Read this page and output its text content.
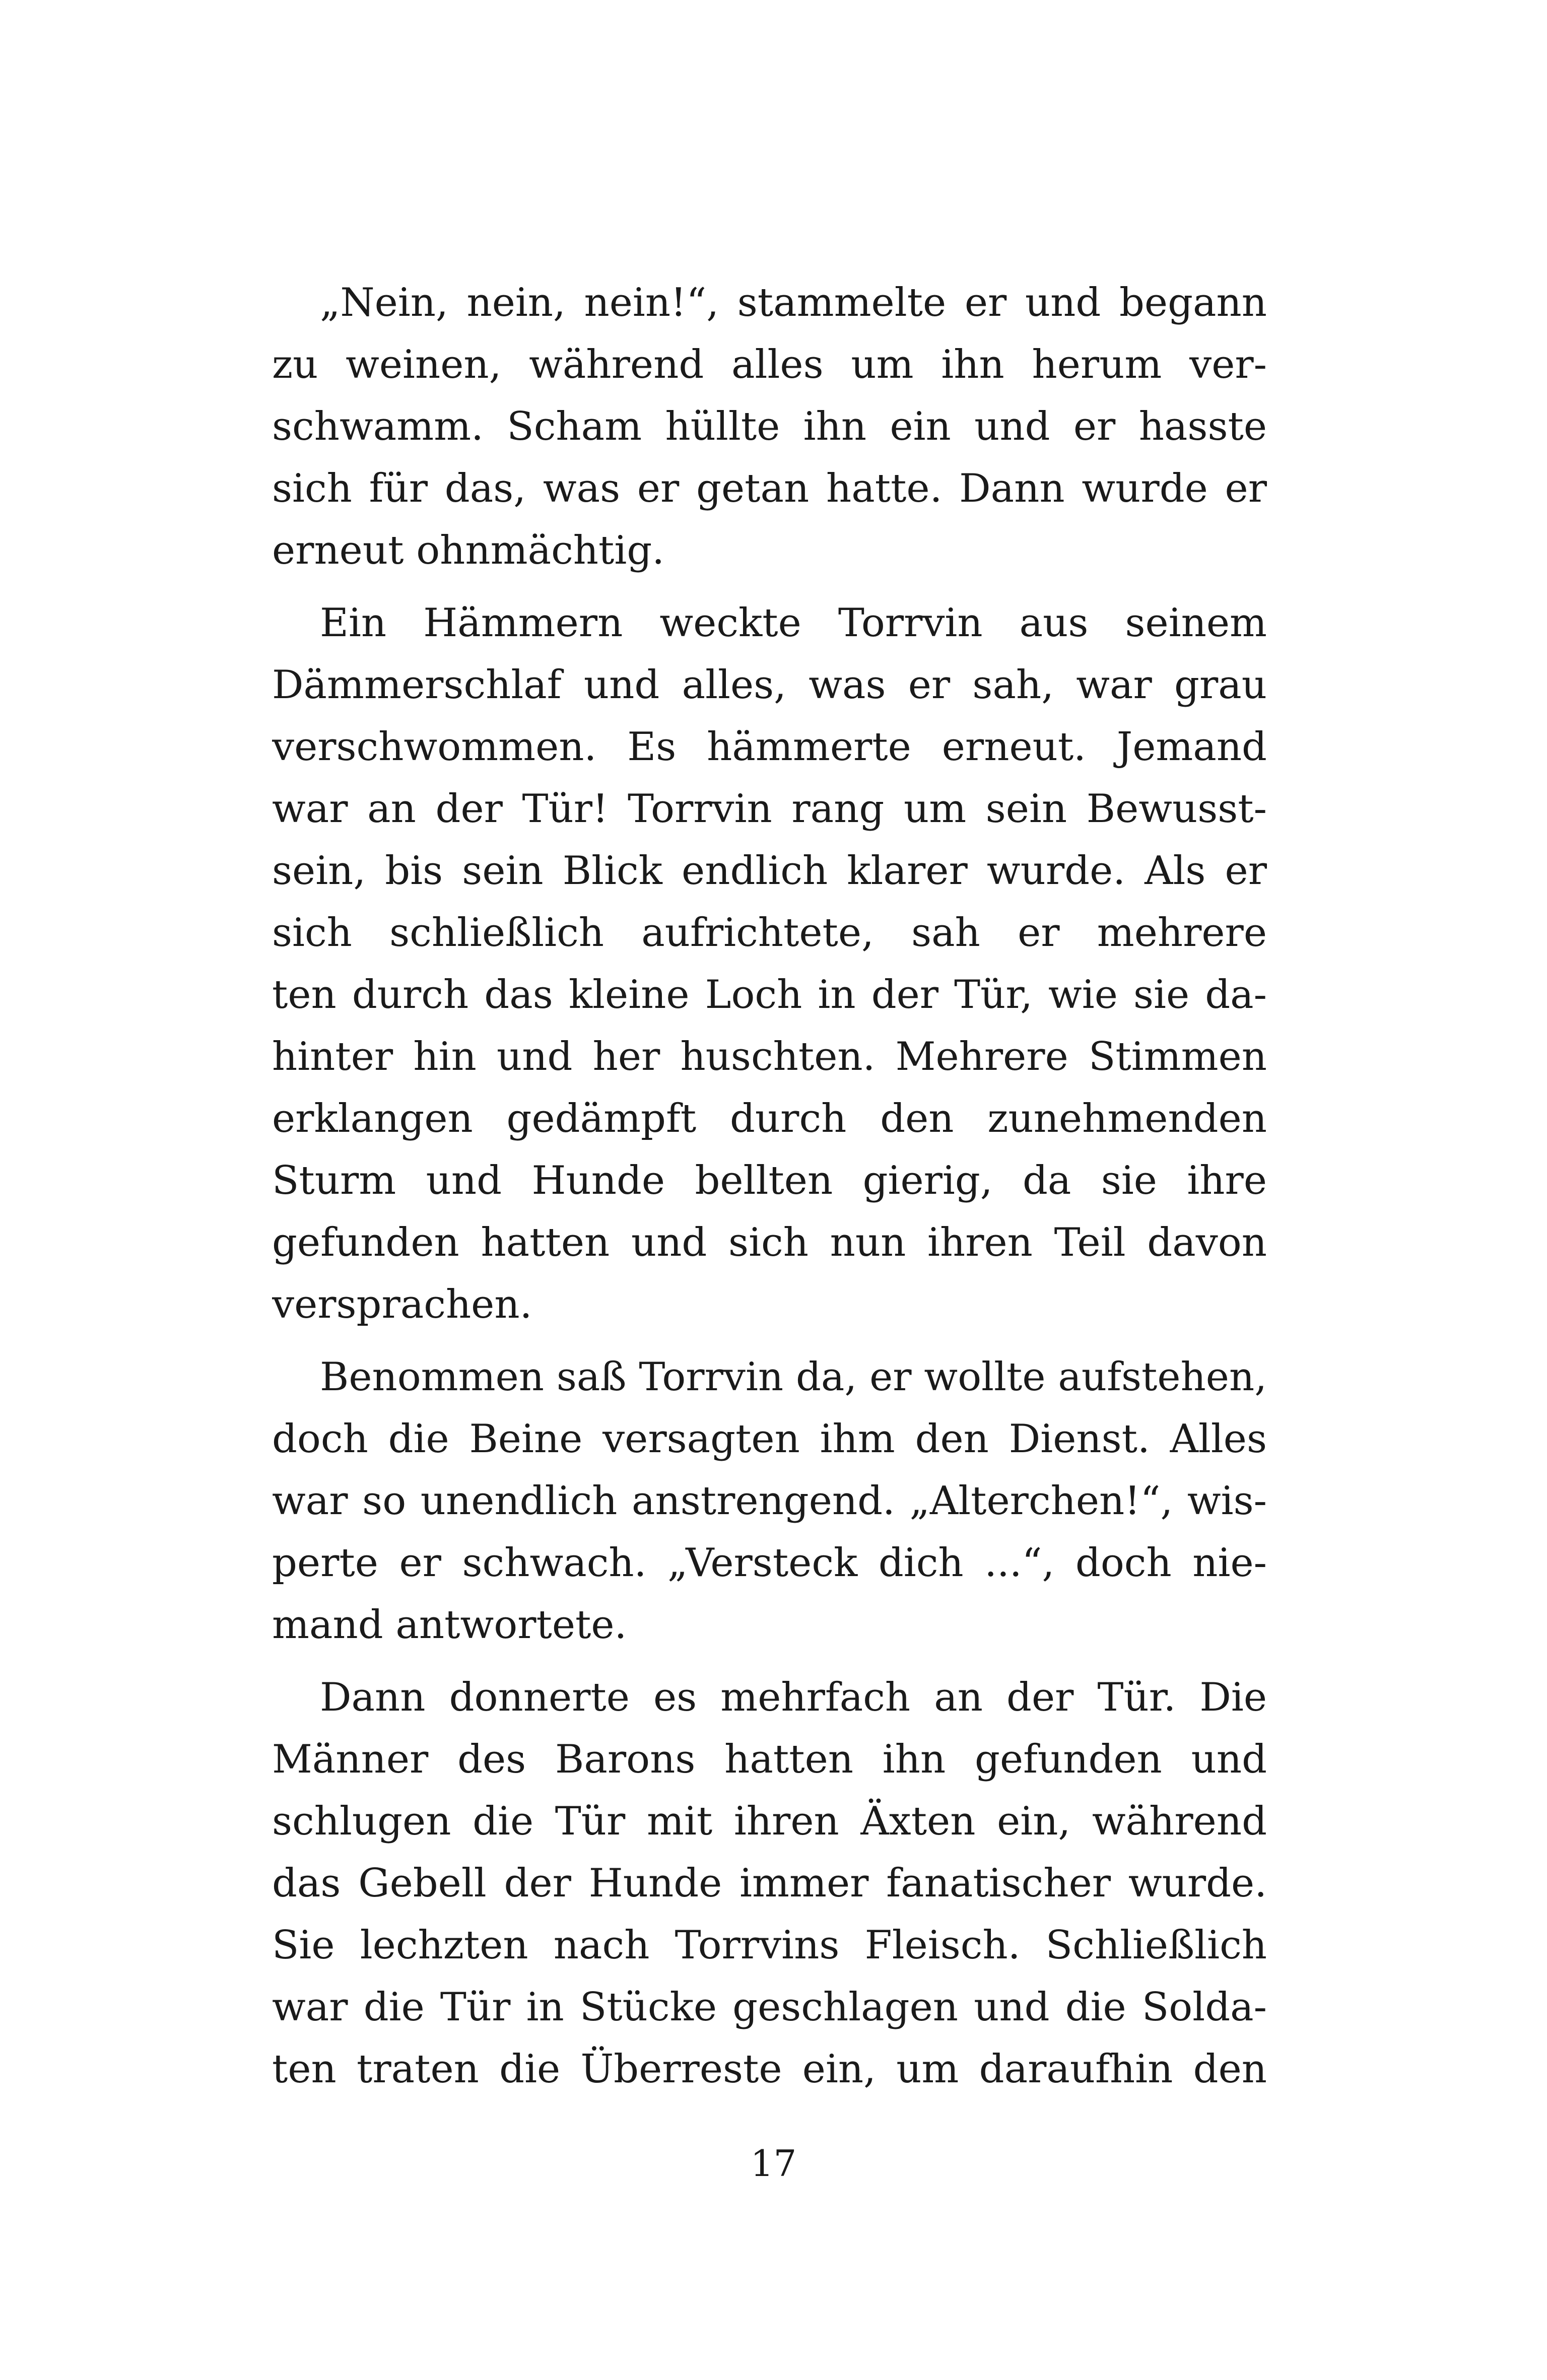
„Nein, nein, nein!“, stammelte er und begann
zu weinen, während alles um ihn herum ver-
schwamm. Scham hüllte ihn ein und er hasste
sich für das, was er getan hatte. Dann wurde er
erneut ohnmächtig.

Ein Hämmern weckte Torrvin aus seinem
Dämmerschlaf und alles, was er sah, war grau
verschwommen. Es hämmerte erneut. Jemand
war an der Tür! Torrvin rang um sein Bewusst-
sein, bis sein Blick endlich klarer wurde. Als er
sich schließlich aufrichtete, sah er mehrere
ten durch das kleine Loch in der Tür, wie sie da-
hinter hin und her huschten. Mehrere Stimmen
erklangen gedämpft durch den zunehmenden
Sturm und Hunde bellten gierig, da sie ihre
gefunden hatten und sich nun ihren Teil davon
versprachen.

Benommen saß Torrvin da, er wollte aufstehen,
doch die Beine versagten ihm den Dienst. Alles
war so unendlich anstrengend. „Alterchen!“, wis-
perte er schwach. „Versteck dich ...“, doch nie-
mand antwortete.

Dann donnerte es mehrfach an der Tür. Die
Männer des Barons hatten ihn gefunden und
schlugen die Tür mit ihren Äxten ein, während
das Gebell der Hunde immer fanatischer wurde.
Sie lechzten nach Torrvins Fleisch. Schließlich
war die Tür in Stücke geschlagen und die Solda-
ten traten die Überreste ein, um daraufhin den

17
